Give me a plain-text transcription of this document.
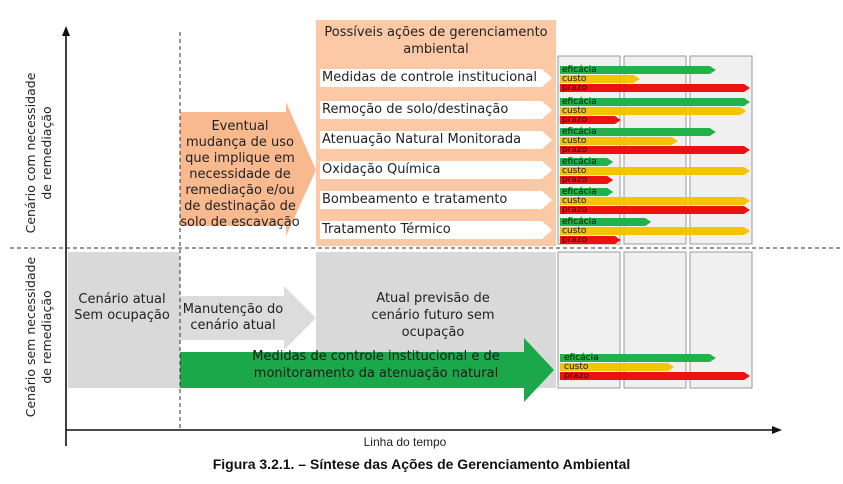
Cenário com necessidade de remediação
Cenário sem necessidade de remediação
Possíveis ações de gerenciamento ambiental
Eventual mudança de uso que implique em necessidade de remediação e/ou de destinação de solo de escavação
Medidas de controle institucional
Remoção de solo/destinação
Atenuação Natural Monitorada
Oxidação Química
Bombeamento e tratamento
Tratamento Térmico
Cenário atual Sem ocupação Manutenção do cenário atual
Atual previsão de cenário futuro sem ocupação
Medidas de controle institucional e de monitoramento da atenuação natural
eficácia
custo
prazo
eficácia
custo
prazo
eficácia
custo
prazo
eficácia
custo
prazo
eficácia
custo
prazo
eficácia
custo
prazo
eficácia
custo
prazo
Linha do tempo
Figura 3.2.1. – Síntese das Ações de Gerenciamento Ambiental
